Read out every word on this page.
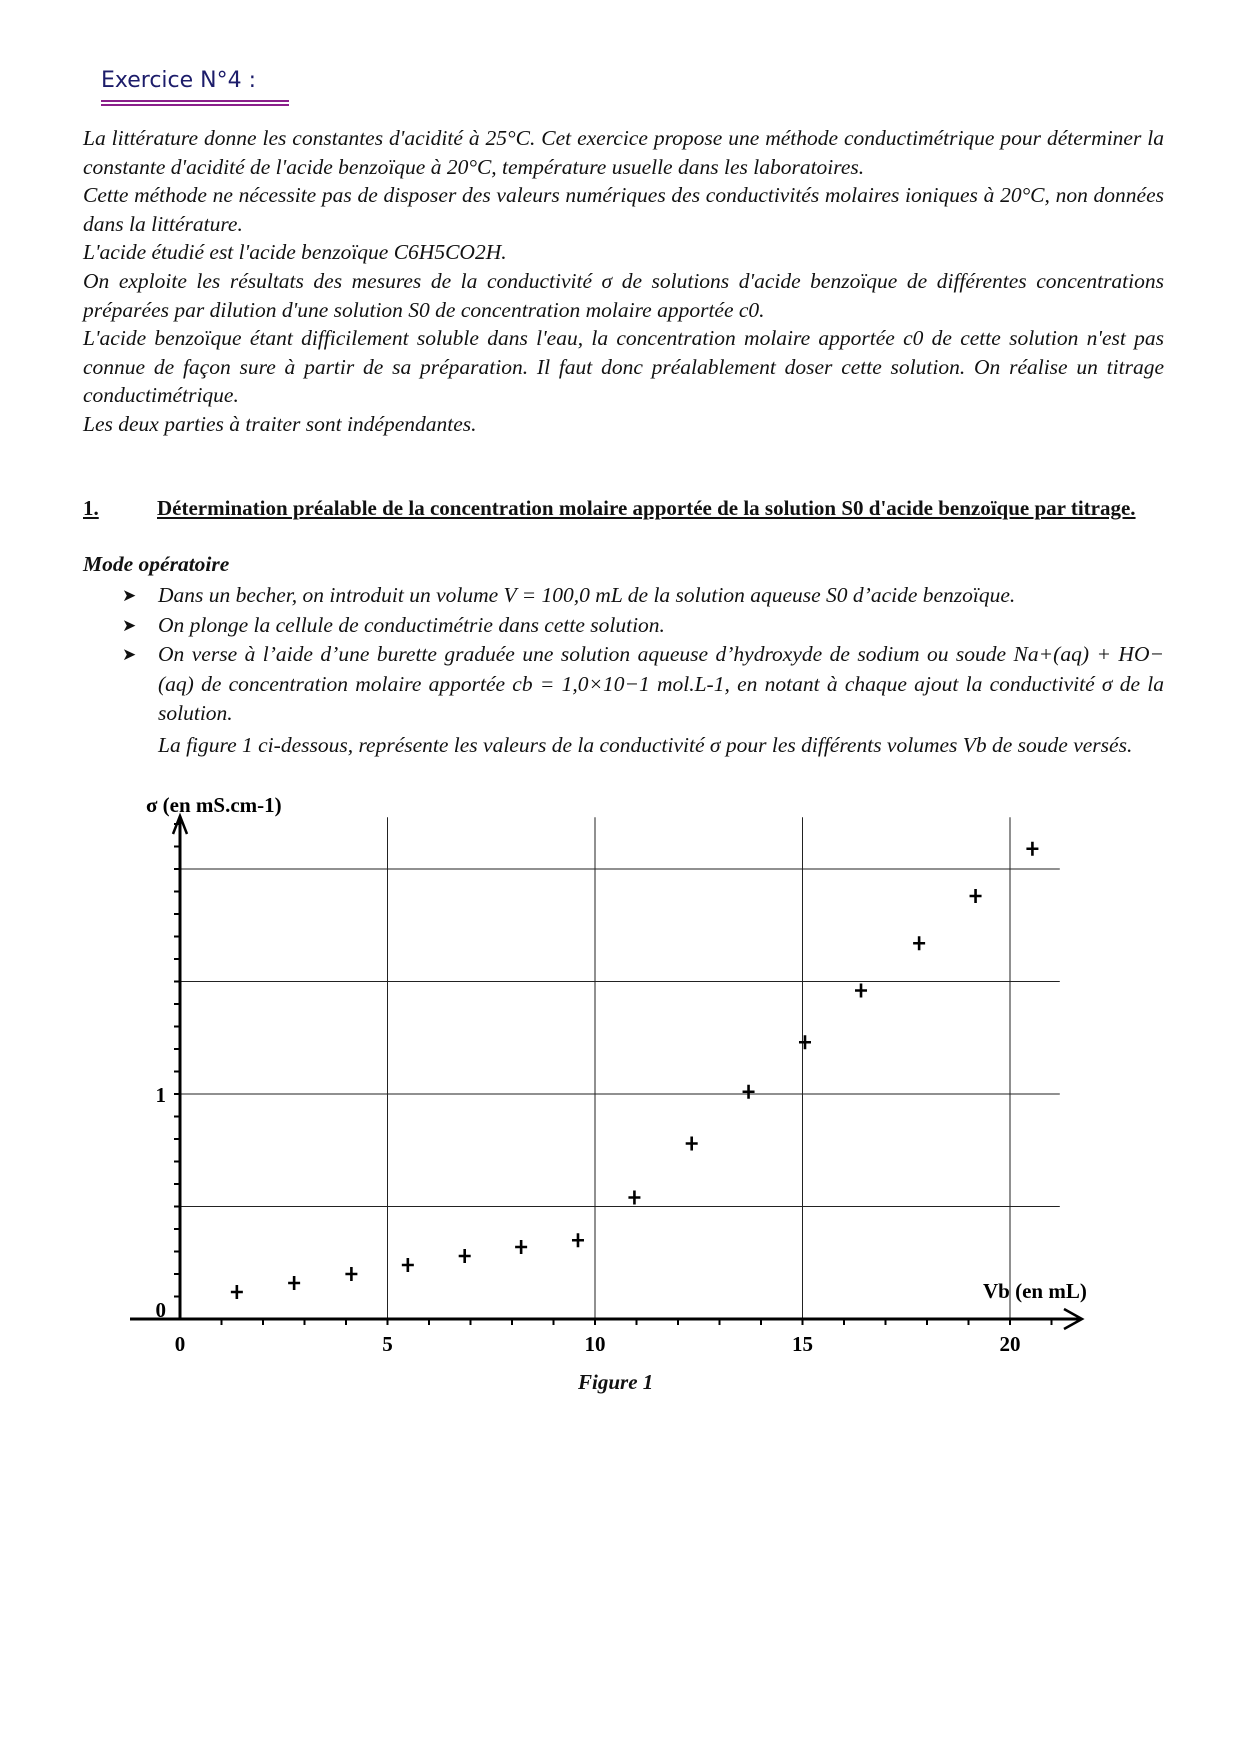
Exercice N°4 :

La littérature donne les constantes d'acidité à 25°C. Cet exercice propose une méthode conductimétrique pour déterminer la constante d'acidité de l'acide benzoïque à 20°C, température usuelle dans les laboratoires.

Cette méthode ne nécessite pas de disposer des valeurs numériques des conductivités molaires ioniques à 20°C, non données dans la littérature.

L'acide étudié est l'acide benzoïque C6H5CO2H.

On exploite les résultats des mesures de la conductivité σ de solutions d'acide benzoïque de différentes concentrations préparées par dilution d'une solution S0 de concentration molaire apportée c0.

L'acide benzoïque étant difficilement soluble dans l'eau, la concentration molaire apportée c0 de cette solution n'est pas connue de façon sure à partir de sa préparation. Il faut donc préalablement doser cette solution. On réalise un titrage conductimétrique.

Les deux parties à traiter sont indépendantes.

1.	Détermination préalable de la concentration molaire apportée de la solution S0 d'acide benzoïque par titrage.
Mode opératoire
➤ Dans un becher, on introduit un volume V = 100,0 mL de la solution aqueuse S0 d’acide benzoïque.
➤ On plonge la cellule de conductimétrie dans cette solution.
➤ On verse à l’aide d’une burette graduée une solution aqueuse d’hydroxyde de sodium ou soude Na+(aq) + HO−(aq) de concentration molaire apportée cb = 1,0×10−1 mol.L-1, en notant à chaque ajout la conductivité σ de la solution.
La figure 1 ci-dessous, représente les valeurs de la conductivité σ pour les différents volumes Vb de soude versés.
0	5	10	15	20
0
1
σ (en mS.cm-1)
Vb (en mL)
Figure 1
